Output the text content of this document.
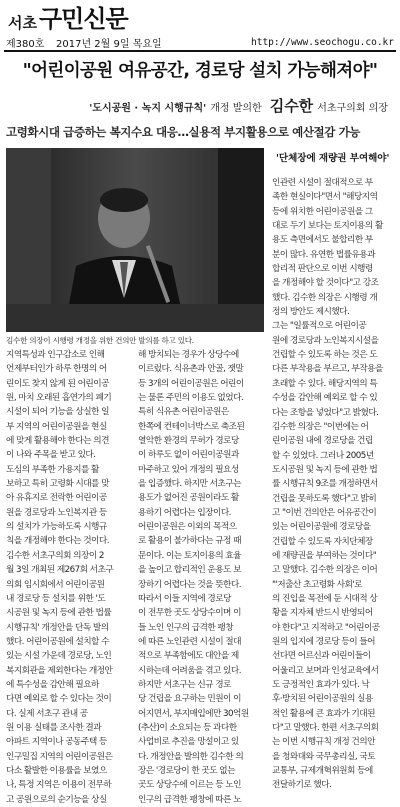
서초 구민신문
제380호 2017년 2월 9일 목요일	http://www.seochogu.co.kr
"어린이공원 여유공간, 경로당 설치 가능해져야"
'도시공원 · 녹지 시행규칙' 개정 발의한 김수한 서초구의회 의장
고령화시대 급증하는 복지수요 대응…실용적 부지활용으로 예산절감 가능
김수한 의장이 시행령 개정을 위한 건의안 발의를 하고 있다.
'단체장에 재량권 부여해야'

지역특성과 인구감소로 인해

언제부터인가 하루 한명의 어

린이도 찾지 않게 된 어린이공

원, 마치 오래된 흡연가의 폐기

시설이 되어 기능을 상실한 일

부 지역의 어린이공원을 현실

에 맞게 활용해야 한다는 의견

이 나와 주목을 받고 있다.

도심의 부족한 가용지를 활

보하고 특히 고령화 시대를 맞

아 유휴지로 전락한 어린이공

원을 경로당과 노인복지관 등

의 설치가 가능하도록 시행규

칙을 개정해야 한다는 것이다.

김수한 서초구의회 의장이 2

월 3일 개최된 제267회 서초구

의회 임시회에서 어린이공원

내 경로당 등 설치를 위한 '도

시공원 및 녹지 등에 관한 법률

시행규칙' 개정안을 단독 발의

했다. 어린이공원에 설치할 수

있는 시설 가운데 경로당, 노인

복지회관을 제외한다는 개정안

에 특수성을 감안해 필요하

다면 예외로 할 수 있다는 것이

다. 실제 서초구 관내 공

원 이용 실태를 조사한 결과

아파트 지역이나 공동주택 등

인구밀집 지역의 어린이공원은

다소 활발한 이용률을 보였으

나, 특정 지역은 이용이 전무하

고 공원으로의 순기능을 상실

해 방치되는 경우가 상당수에

이르렀다. 식유촌과 안골, 잿말

등 3개의 어린이공원은 어린이

는 물론 주민의 이용도 없었다.

특히 식유촌 어린이공원은

한쪽에 컨테이너박스로 축조된

열악한 환경의 무허가 경로당

이 하루도 없이 어린이공원과

마주하고 있어 개정의 필요성

을 입증했다. 하지만 서초구는

용도가 없어진 공원이라도 활

용하기 어렵다는 입장이다.

어린이공원은 이외의 목적으

로 활용이 불가하다는 규정 때

문이다. 이는 토지이용의 효율

을 높이고 합리적인 운용도 보

장하기 어렵다는 것을 뜻한다.

따라서 이들 지역에 경로당

이 전무한 곳도 상당수이며 이

들 노인 인구의 급격한 팽창

에 따른 노인관련 시설이 절대

적으로 부족함에도 대안을 제

시하는데 어려움을 겪고 있다.

하지만 서초구는 신규 경로

당 건립을 요구하는 민원이 이

어지면서, 부지매입에만 30억원

(추산)이 소요되는 등 과다한

사업비로 추진을 망설이고 있

다. 개정안을 발의한 김수한 의

장은 '경로당이 한 곳도 없는

곳도 상당수에 이르는 등 노인

인구의 급격한 팽창에 따른 노

인관련 시설이 절대적으로 부

족한 현실이다"면서 "해당지역

등에 위치한 어린이공원을 그

대로 두기 보다는 토지이용의 활

용도 측면에서도 불합리한 부

분이 많다. 유연한 법률유용과

합리적 판단으로 이번 시행령

을 개정해야 할 것이다"고 강조

했다. 김수한 의장은 시행령 개

정의 방안도 제시했다.

그는 "일률적으로 어린이공

원에 경로당과 노인복지시설을

건립할 수 있도록 하는 것은 도

다른 부작용을 부르고, 부작용을

초래할 수 있다. 해당지역의 특

수성을 감안해 예외로 할 수 있

다는 조항을 넣었다"고 밝혔다.

김수한 의장은 "이번에는 어

린이공원 내에 경로당을 건립

할 수 있었다. 그러나 2005년

도시공원 및 녹지 등에 관한 법

률 시행규칙 9조를 개정하면서

건립을 못하도록 했다"고 밝히

고 "이번 건의안은 어유공간이

있는 어린이공원에 경로당을

건립할 수 있도록 자치단체장

에 재량권을 부여하는 것이다"

고 말했다. 김수한 의장은 이어

"'저출산 초고령화 사회'로

의 진입을 목전에 둔 시대적 상

황을 지자체 반드시 반영되어

야 한다"고 지적하고 "어린이공

원의 입지에 경로당 등이 들어

선다면 어르신과 어린이들이

어울리고 보며과 인성교육에서

도 긍정적인 효과가 있다. 낙

후·방치된 어린이공원의 실용

적인 활용에 큰 효과가 기대된

다"고 말했다. 한편 서초구의회

는 이번 시행규칙 개정 건의안

을 청와대와 국무총리실, 국토

교통부, 규제개혁위원회 등에

전달하기로 했다.
